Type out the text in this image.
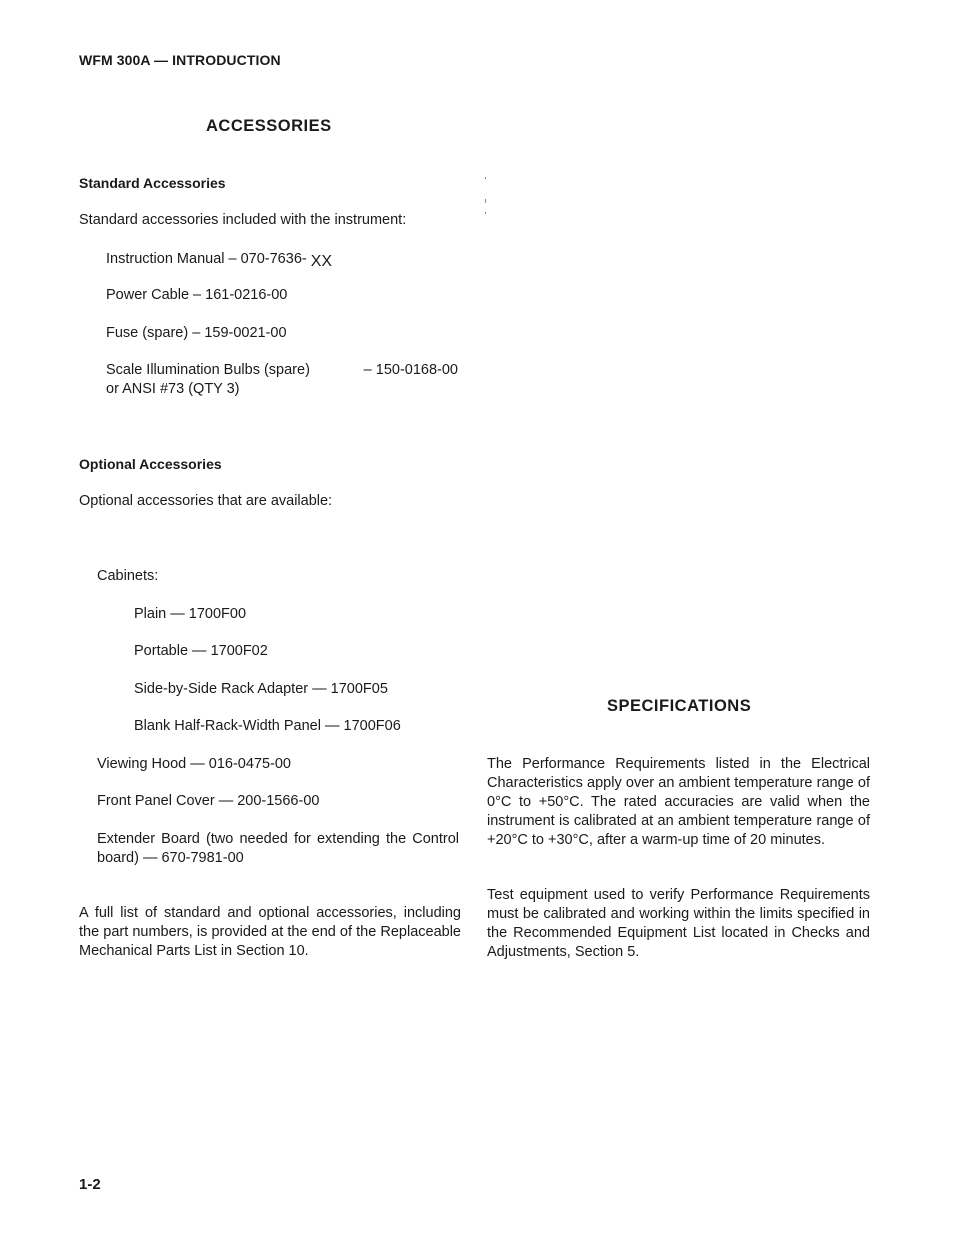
WFM 300A — INTRODUCTION
ACCESSORIES
Standard Accessories
Standard accessories included with the instrument:
Instruction Manual – 070-7636- XX
Power Cable – 161-0216-00
Fuse (spare) – 159-0021-00
Scale Illumination Bulbs (spare)	– 150-0168-00
or ANSI #73 (QTY 3)
Optional Accessories
Optional accessories that are available:
Cabinets:
Plain — 1700F00
Portable — 1700F02
Side-by-Side Rack Adapter — 1700F05
Blank Half-Rack-Width Panel — 1700F06
Viewing Hood — 016-0475-00
Front Panel Cover — 200-1566-00
Extender Board (two needed for extending the Control board) — 670-7981-00
A full list of standard and optional accessories, including the part numbers, is provided at the end of the Replaceable Mechanical Parts List in Section 10.
SPECIFICATIONS
The Performance Requirements listed in the Electrical Characteristics apply over an ambient temperature range of 0°C to +50°C. The rated accuracies are valid when the instrument is calibrated at an ambient temperature range of +20°C to +30°C, after a warm-up time of 20 minutes.
Test equipment used to verify Performance Requirements must be calibrated and working within the limits specified in the Recommended Equipment List located in Checks and Adjustments, Section 5.
1-2
